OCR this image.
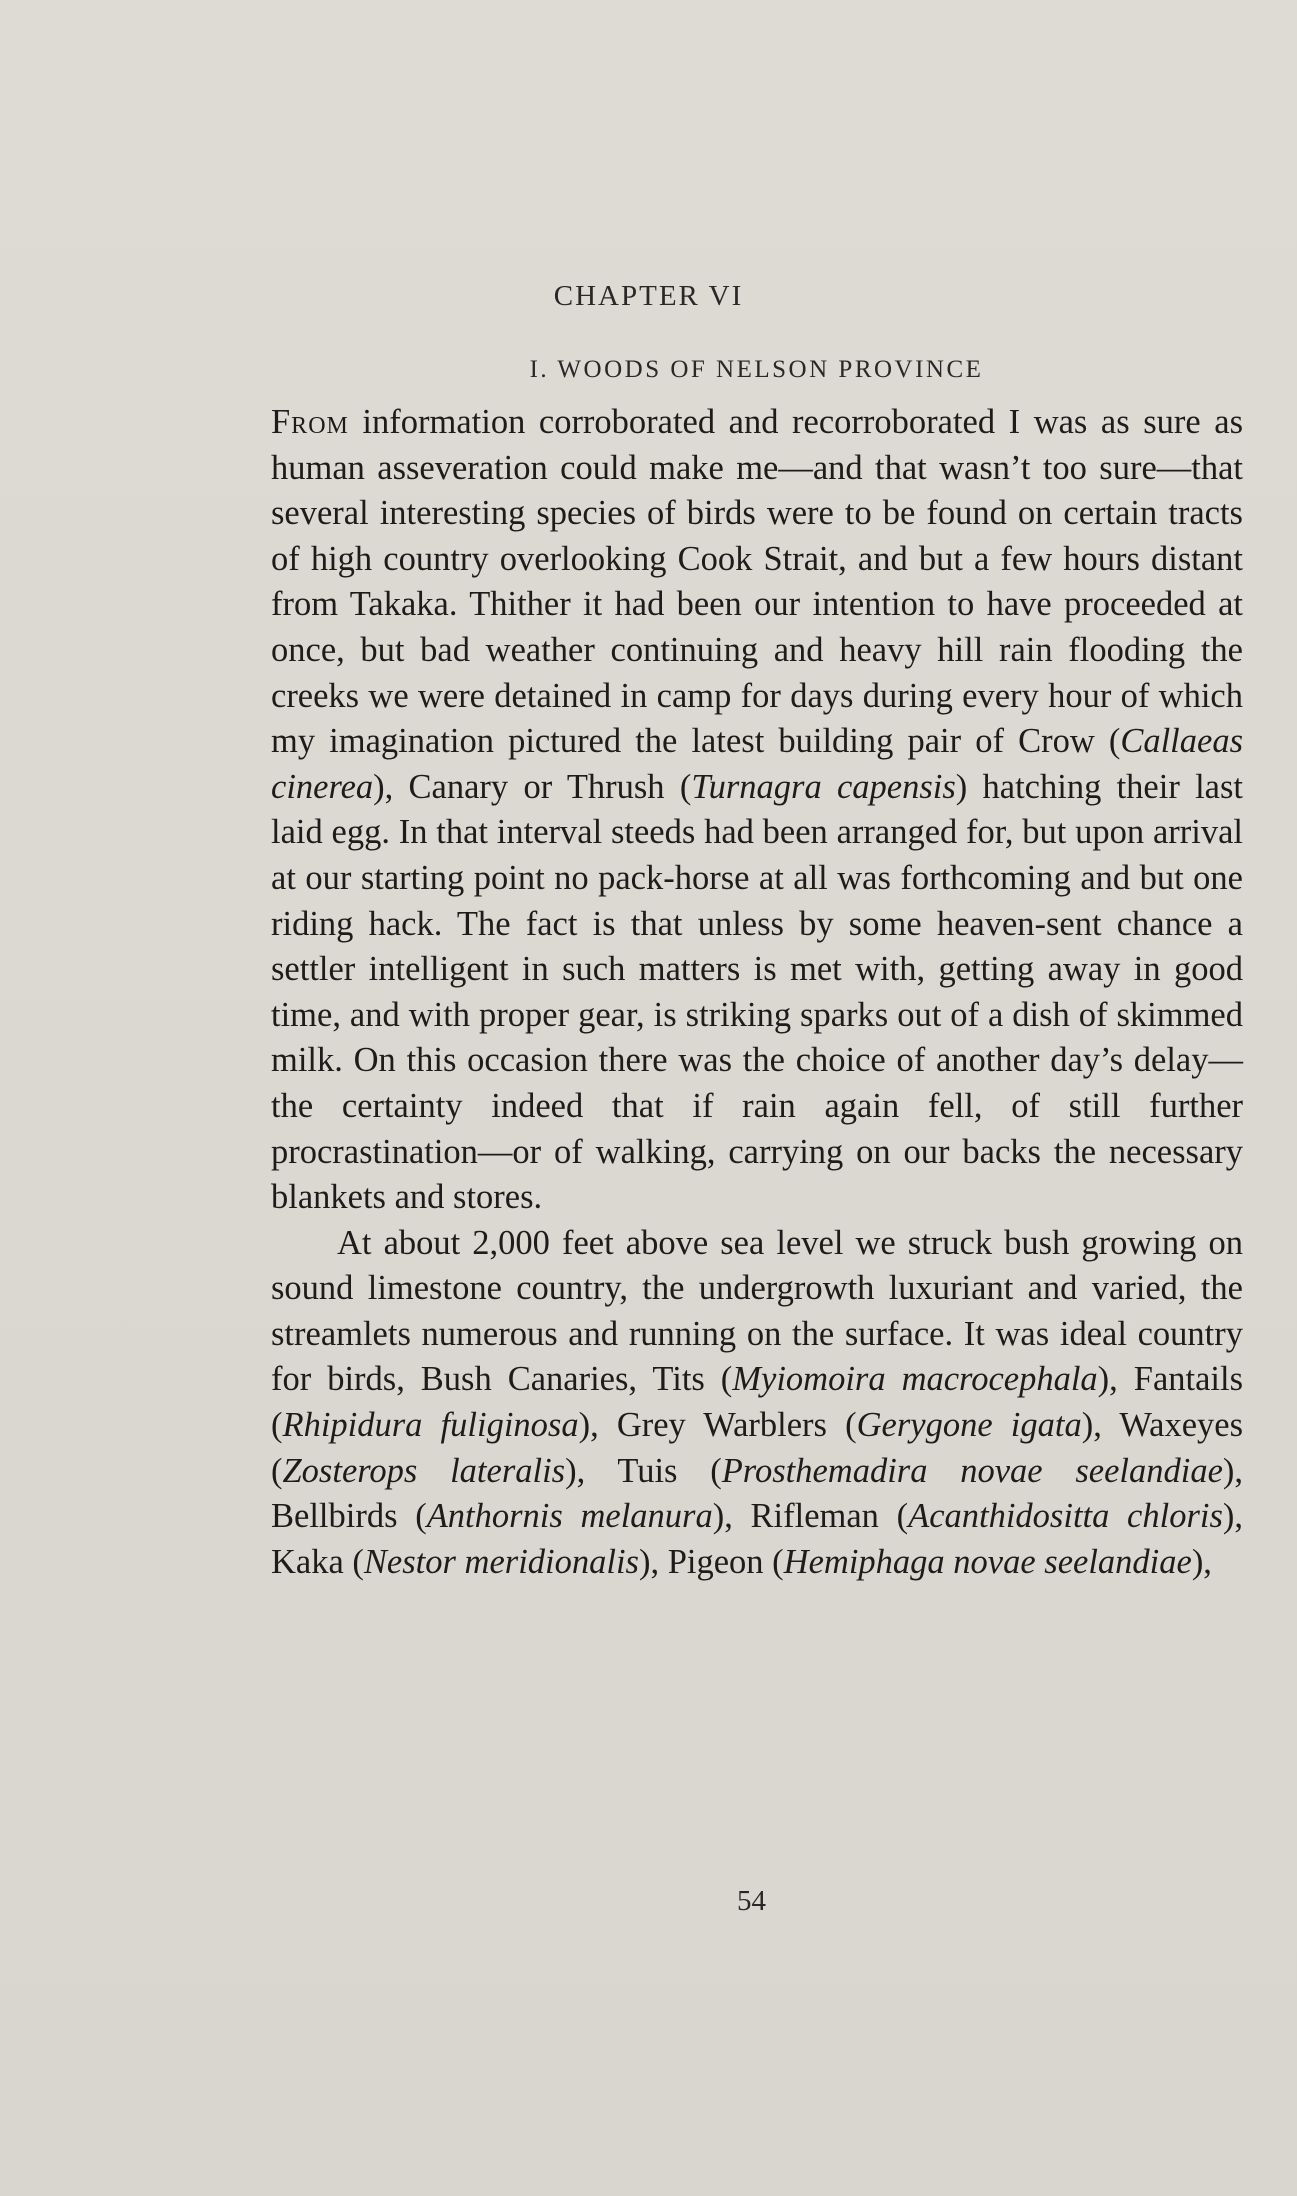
CHAPTER VI
I. WOODS OF NELSON PROVINCE

From information corroborated and recorroborated I was as sure as human asseveration could make me—and that wasn’t too sure—that several interesting species of birds were to be found on certain tracts of high country overlooking Cook Strait, and but a few hours distant from Takaka. Thither it had been our intention to have proceeded at once, but bad weather continuing and heavy hill rain flooding the creeks we were detained in camp for days during every hour of which my imagination pictured the latest building pair of Crow (Callaeas cinerea), Canary or Thrush (Turnagra capensis) hatching their last laid egg. In that interval steeds had been arranged for, but upon arrival at our starting point no pack-horse at all was forthcoming and but one riding hack. The fact is that unless by some heaven-sent chance a settler intelligent in such matters is met with, getting away in good time, and with proper gear, is striking sparks out of a dish of skimmed milk. On this occasion there was the choice of another day’s delay—the certainty indeed that if rain again fell, of still further procrastination—or of walking, carrying on our backs the necessary blankets and stores.

At about 2,000 feet above sea level we struck bush growing on sound limestone country, the undergrowth luxuriant and varied, the streamlets numerous and running on the surface. It was ideal country for birds, Bush Canaries, Tits (Myiomoira macrocephala), Fantails (Rhipidura fuliginosa), Grey Warblers (Gerygone igata), Waxeyes (Zosterops lateralis), Tuis (Prosthemadira novae seelandiae), Bellbirds (Anthornis melanura), Rifleman (Acanthidositta chloris), Kaka (Nestor meridionalis), Pigeon (Hemiphaga novae seelandiae),

54
